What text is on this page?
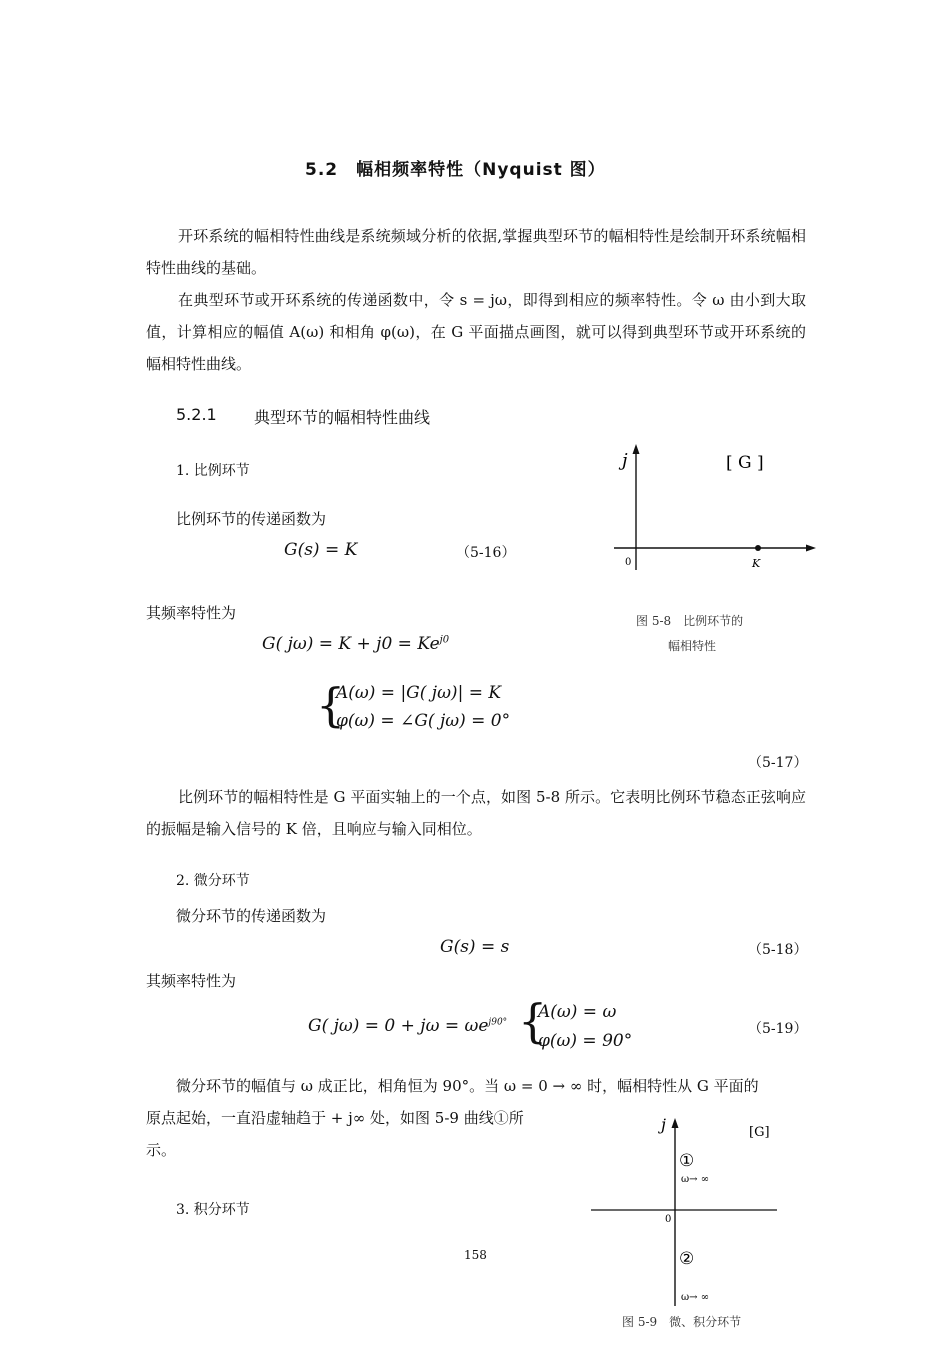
5.2　幅相频率特性（Nyquist 图）
开环系统的幅相特性曲线是系统频域分析的依据,掌握典型环节的幅相特性是绘制开环系统幅相特性曲线的基础。
在典型环节或开环系统的传递函数中，令 s = jω，即得到相应的频率特性。令 ω 由小到大取值，计算相应的幅值 A(ω) 和相角 φ(ω)，在 G 平面描点画图，就可以得到典型环节或开环系统的幅相特性曲线。
5.2.1 典型环节的幅相特性曲线
1. 比例环节
比例环节的传递函数为
G(s) = K	（5-16）
其频率特性为
G( $j\omega) = K + j0 = Ke^{j0}$
{
A(ω) = |G( jω)| = K
φ(ω) = ∠G( jω) = 0°
（5-17）
比例环节的幅相特性是 G 平面实轴上的一个点，如图 5-8 所示。它表明比例环节稳态正弦响应的振幅是输入信号的 K 倍，且响应与输入同相位。
j	[ G ]
0	K
图 5-8　比例环节的
幅相特性
2. 微分环节
微分环节的传递函数为
G(s) = s	（5-18）
其频率特性为
G( $j\omega) = 0 + j\omega = \omega e^{j90^\circ}$ {
A(ω) = ω
φ(ω) = 90°
（5-19）
微分环节的幅值与 ω 成正比，相角恒为 90°。当 ω = 0 → ∞ 时，幅相特性从 G 平面的
原点起始，一直沿虚轴趋于 + j∞ 处，如图 5-9 曲线①所
示。
3. 积分环节
j	[G]
0
①
ω→ ∞
②
ω→ ∞
图 5-9　微、积分环节
158
